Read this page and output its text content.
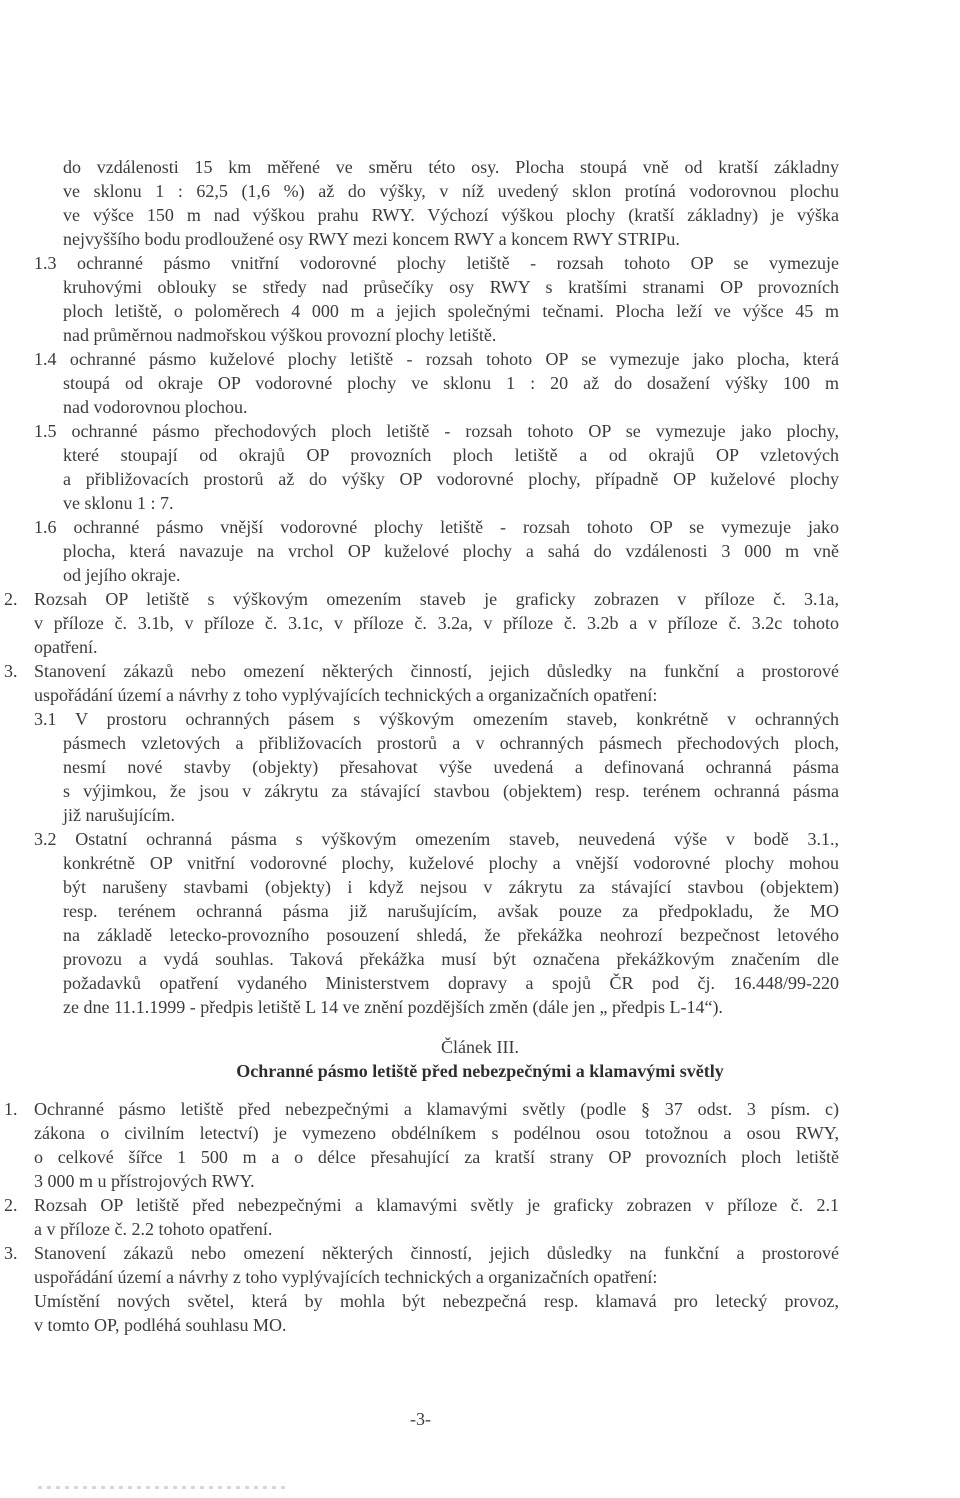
do vzdálenosti 15 km měřené ve směru této osy. Plocha stoupá vně od kratší základny
ve sklonu 1 : 62,5 (1,6 %) až do výšky, v níž uvedený sklon protíná vodorovnou plochu
ve výšce 150 m nad výškou prahu RWY. Výchozí výškou plochy (kratší základny) je výška
nejvyššího bodu prodloužené osy RWY mezi koncem RWY a koncem RWY STRIPu.
1.3 ochranné pásmo vnitřní vodorovné plochy letiště - rozsah tohoto OP se vymezuje
kruhovými oblouky se středy nad průsečíky osy RWY s kratšími stranami OP provozních
ploch letiště, o poloměrech 4 000 m a jejich společnými tečnami. Plocha leží ve výšce 45 m
nad průměrnou nadmořskou výškou provozní plochy letiště.
1.4 ochranné pásmo kuželové plochy letiště - rozsah tohoto OP se vymezuje jako plocha, která
stoupá od okraje OP vodorovné plochy ve sklonu 1 : 20 až do dosažení výšky 100 m
nad vodorovnou plochou.
1.5 ochranné pásmo přechodových ploch letiště - rozsah tohoto OP se vymezuje jako plochy,
které stoupají od okrajů OP provozních ploch letiště a od okrajů OP vzletových
a přibližovacích prostorů až do výšky OP vodorovné plochy, případně OP kuželové plochy
ve sklonu 1 : 7.
1.6 ochranné pásmo vnější vodorovné plochy letiště - rozsah tohoto OP se vymezuje jako
plocha, která navazuje na vrchol OP kuželové plochy a sahá do vzdálenosti 3 000 m vně
od jejího okraje.
2. Rozsah OP letiště s výškovým omezením staveb je graficky zobrazen v příloze č. 3.1a,
v příloze č. 3.1b, v příloze č. 3.1c, v příloze č. 3.2a, v příloze č. 3.2b a v příloze č. 3.2c tohoto
opatření.
3. Stanovení zákazů nebo omezení některých činností, jejich důsledky na funkční a prostorové
uspořádání území a návrhy z toho vyplývajících technických a organizačních opatření:
3.1 V prostoru ochranných pásem s výškovým omezením staveb, konkrétně v ochranných
pásmech vzletových a přibližovacích prostorů a v ochranných pásmech přechodových ploch,
nesmí nové stavby (objekty) přesahovat výše uvedená a definovaná ochranná pásma
s výjimkou, že jsou v zákrytu za stávající stavbou (objektem) resp. terénem ochranná pásma
již narušujícím.
3.2 Ostatní ochranná pásma s výškovým omezením staveb, neuvedená výše v bodě 3.1.,
konkrétně OP vnitřní vodorovné plochy, kuželové plochy a vnější vodorovné plochy mohou
být narušeny stavbami (objekty) i když nejsou v zákrytu za stávající stavbou (objektem)
resp. terénem ochranná pásma již narušujícím, avšak pouze za předpokladu, že MO
na základě letecko-provozního posouzení shledá, že překážka neohrozí bezpečnost letového
provozu a vydá souhlas. Taková překážka musí být označena překážkovým značením dle
požadavků opatření vydaného Ministerstvem dopravy a spojů ČR pod čj. 16.448/99-220
ze dne 11.1.1999 - předpis letiště L 14 ve znění pozdějších změn (dále jen „ předpis L-14“).
Článek III.
Ochranné pásmo letiště před nebezpečnými a klamavými světly
1. Ochranné pásmo letiště před nebezpečnými a klamavými světly (podle § 37 odst. 3 písm. c)
zákona o civilním letectví) je vymezeno obdélníkem s podélnou osou totožnou a osou RWY,
o celkové šířce 1 500 m a o délce přesahující za kratší strany OP provozních ploch letiště
3 000 m u přístrojových RWY.
2. Rozsah OP letiště před nebezpečnými a klamavými světly je graficky zobrazen v příloze č. 2.1
a v příloze č. 2.2 tohoto opatření.
3. Stanovení zákazů nebo omezení některých činností, jejich důsledky na funkční a prostorové
uspořádání území a návrhy z toho vyplývajících technických a organizačních opatření:
Umístění nových světel, která by mohla být nebezpečná resp. klamavá pro letecký provoz,
v tomto OP, podléhá souhlasu MO.
-3-
